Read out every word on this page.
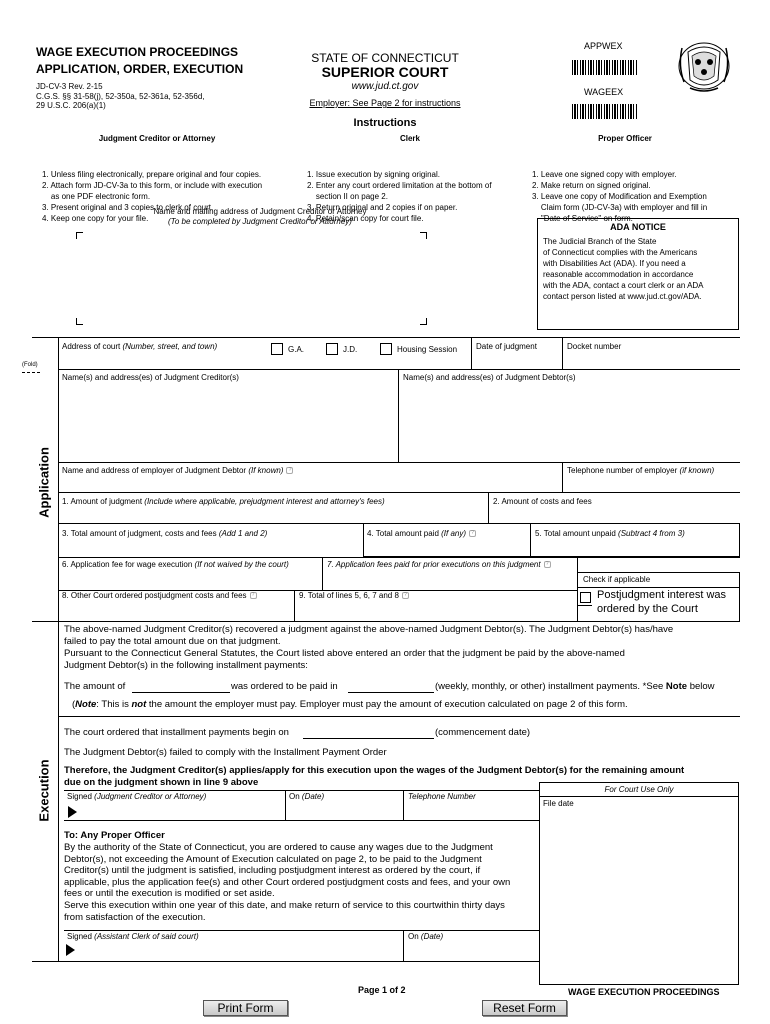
WAGE EXECUTION PROCEEDINGS
APPLICATION, ORDER, EXECUTION
JD-CV-3 Rev. 2-15
C.G.S. §§ 31-58(j), 52-350a, 52-361a, 52-356d,
29 U.S.C. 206(a)(1)
STATE OF CONNECTICUT
SUPERIOR COURT
www.jud.ct.gov
Employer: See Page 2 for instructions
APPWEX
WAGEEX
Instructions
Judgment Creditor or Attorney

1. Unless filing electronically, prepare original and four copies.
2. Attach form JD-CV-3a to this form, or include with execution
as one PDF electronic form.
3. Present original and 3 copies to clerk of court.
4. Keep one copy for your file.

Clerk

1. Issue execution by signing original.
2. Enter any court ordered limitation at the bottom of
section II on page 2.
3. Return original and 2 copies if on paper.
4. Retain/scan copy for court file.

Proper Officer

1. Leave one signed copy with employer.
2. Make return on signed original.
3. Leave one copy of Modification and Exemption
Claim form (JD-CV-3a) with employer and fill in
"Date of Service" on form.

Name and mailing address of Judgment Creditor or Attorney
(To be completed by Judgment Creditor or Attorney)
ADA NOTICE
The Judicial Branch of the State
of Connecticut complies with the Americans
with Disabilities Act (ADA). If you need a
reasonable accommodation in accordance
with the ADA, contact a court clerk or an ADA
contact person listed at www.jud.ct.gov/ADA.
(Fold)
Application
Execution
Address of court (Number, street, and town)	G.A.	J.D.	Housing Session Date of judgment	Docket number
Name(s) and address(es) of Judgment Creditor(s)	Name(s) and address(es) of Judgment Debtor(s)
Name and address of employer of Judgment Debtor (If known) ?	Telephone number of employer (if known)
1. Amount of judgment (Include where applicable, prejudgment interest and attorney's fees)	2. Amount of costs and fees
3. Total amount of judgment, costs and fees (Add 1 and 2)	4. Total amount paid (If any) ?	5. Total amount unpaid (Subtract 4 from 3)
6. Application fee for wage execution (If not waived by the court)	7. Application fees paid for prior executions on this judgment ?
Check if applicable
8. Other Court ordered postjudgment costs and fees ?	9. Total of lines 5, 6, 7 and 8 ?	Postjudgment interest was
ordered by the Court
The above-named Judgment Creditor(s) recovered a judgment against the above-named Judgment Debtor(s). The Judgment Debtor(s) has/have
failed to pay the total amount due on that judgment.
Pursuant to the Connecticut General Statutes, the Court listed above entered an order that the judgment be paid by the above-named
Judgment Debtor(s) in the following installment payments:
The amount of	was ordered to be paid in	(weekly, monthly, or other) installment payments. *See Note below
(Note: This is not the amount the employer must pay. Employer must pay the amount of execution calculated on page 2 of this form.
The court ordered that installment payments begin on	(commencement date)
The Judgment Debtor(s) failed to comply with the Installment Payment Order
Therefore, the Judgment Creditor(s) applies/apply for this execution upon the wages of the Judgment Debtor(s) for the remaining amount
due on the judgment shown in line 9 above
For Court Use Only
File date
Signed (Judgment Creditor or Attorney)	On (Date)	Telephone Number
To: Any Proper Officer
By the authority of the State of Connecticut, you are ordered to cause any wages due to the Judgment
Debtor(s), not exceeding the Amount of Execution calculated on page 2, to be paid to the Judgment
Creditor(s) until the judgment is satisfied, including postjudgment interest as ordered by the court, if
applicable, plus the application fee(s) and other Court ordered postjudgment costs and fees, and your own
fees or until the execution is modified or set aside.
Serve this execution within one year of this date, and make return of service to this courtwithin thirty days
from satisfaction of the execution.
Signed (Assistant Clerk of said court)	On (Date)
Page 1 of 2	WAGE EXECUTION PROCEEDINGS
Print Form	Reset Form
